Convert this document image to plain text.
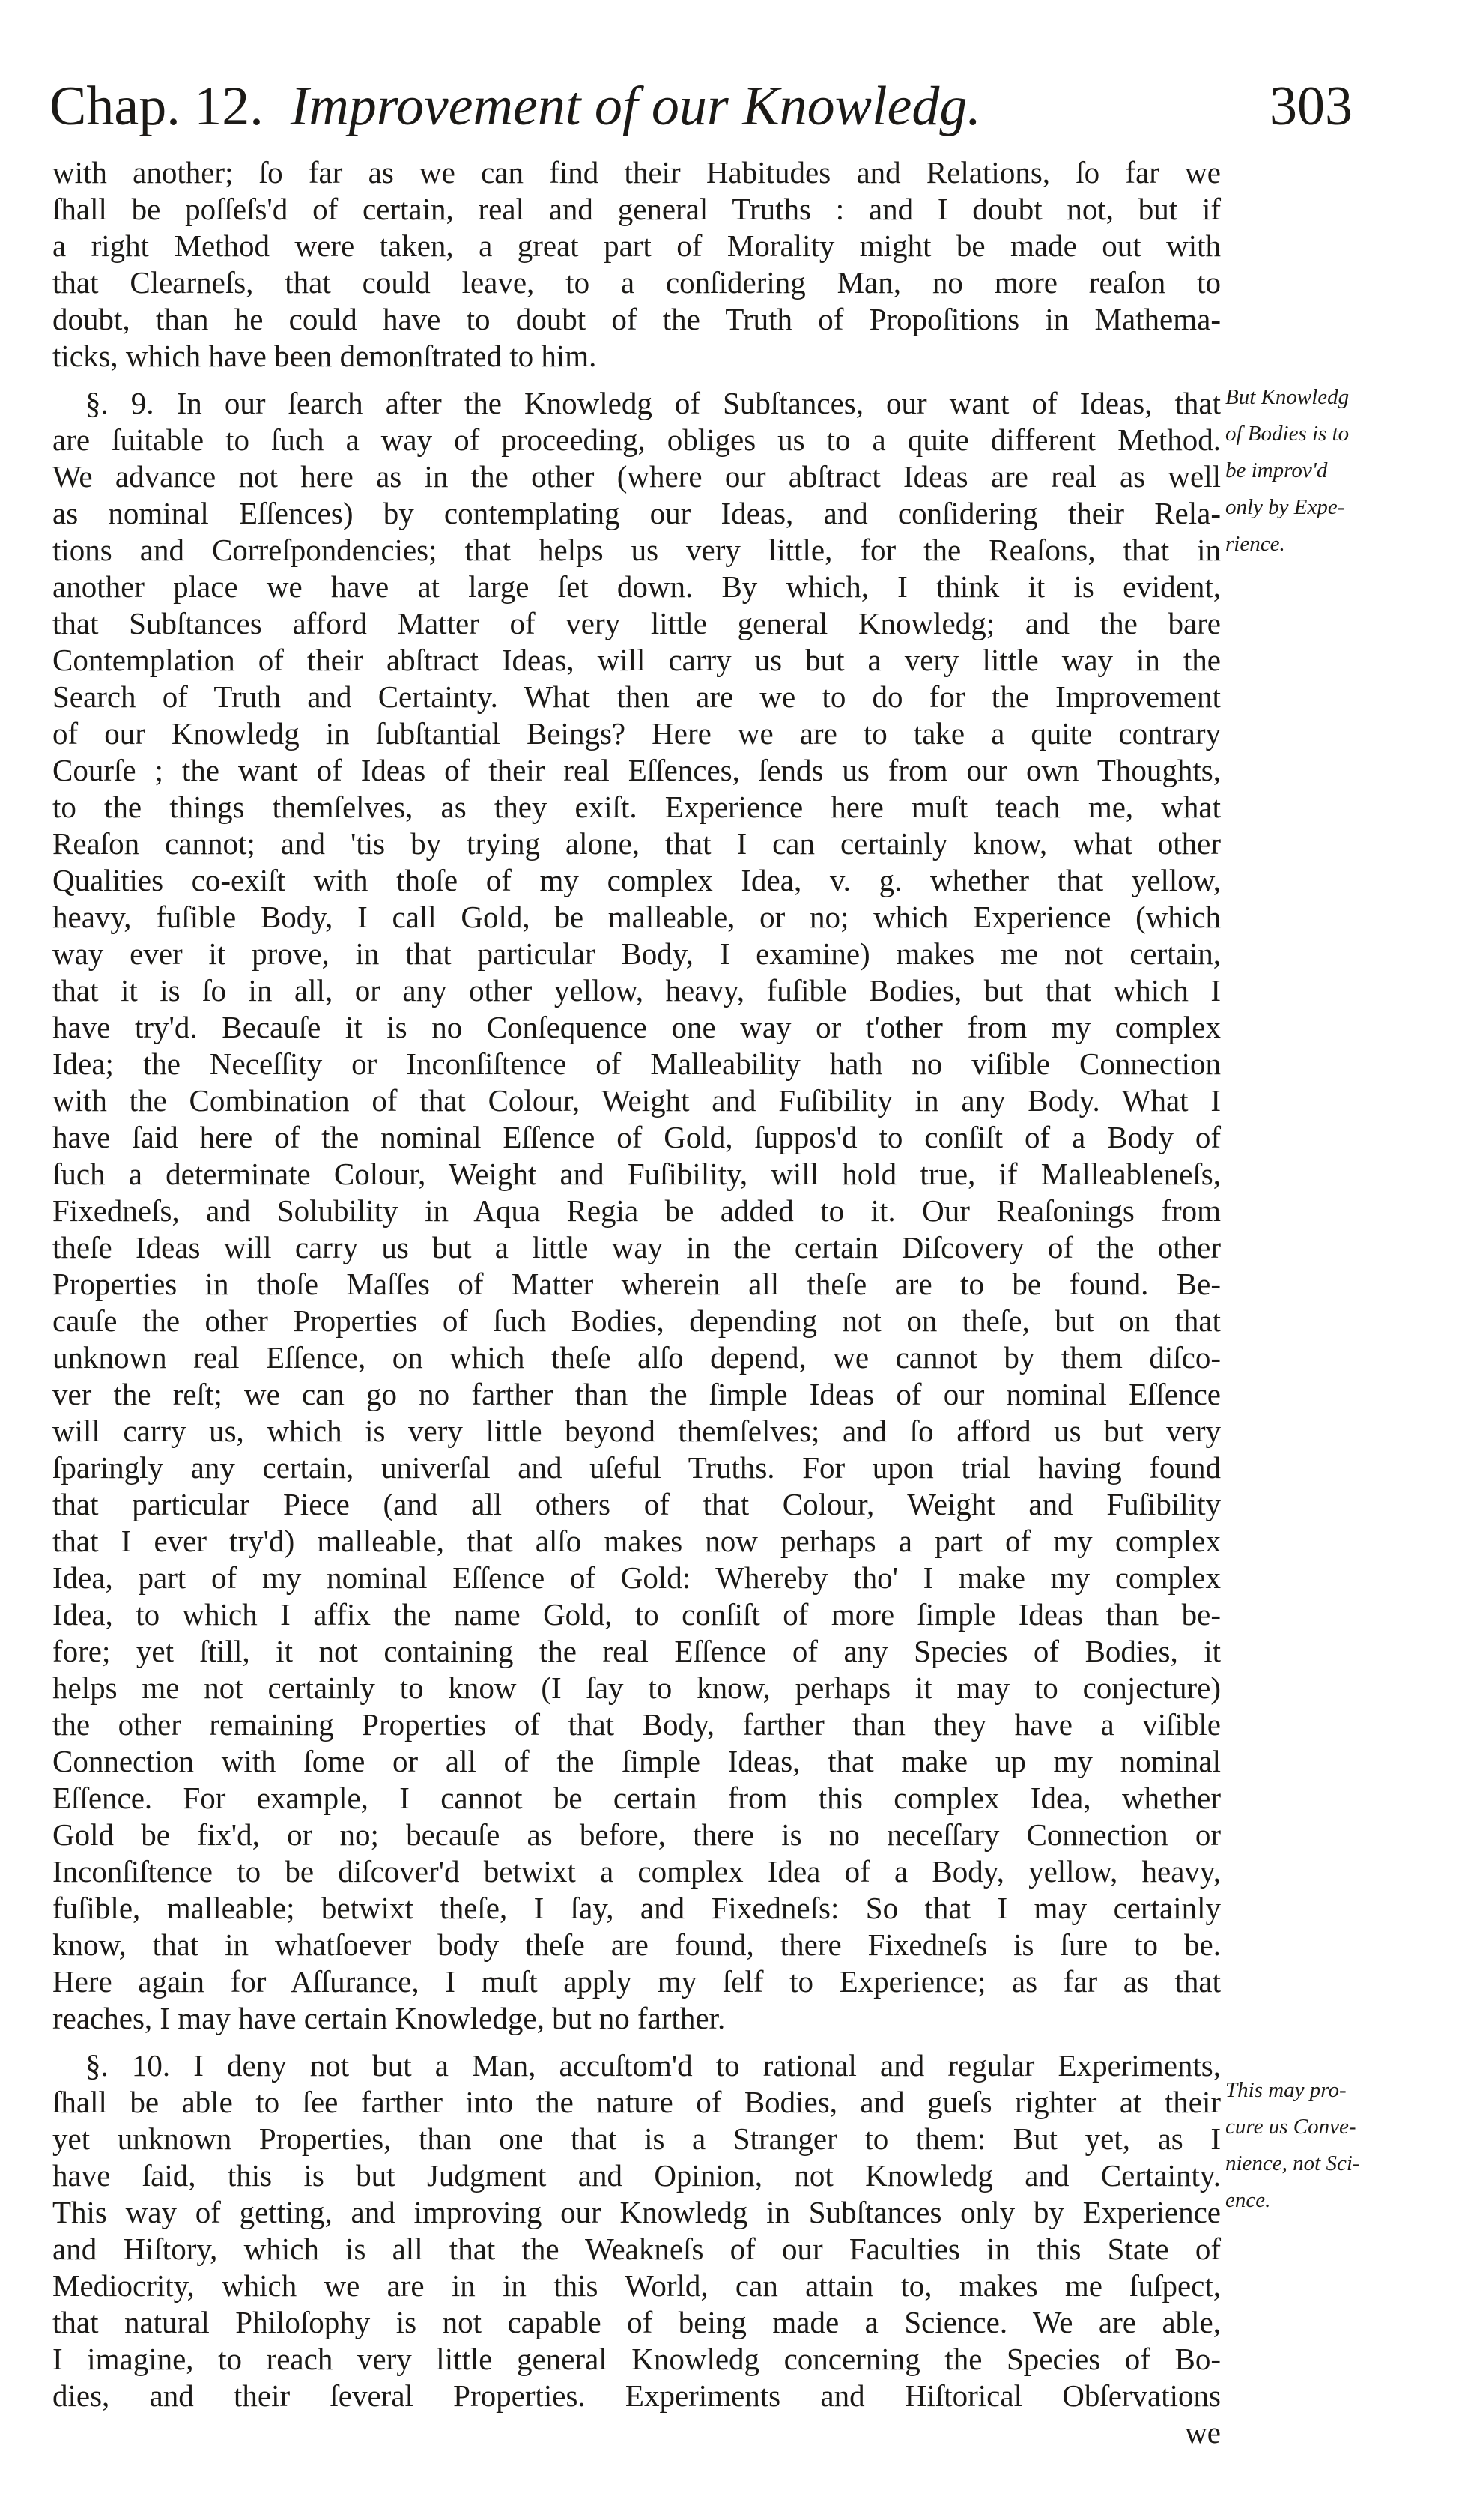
Chap. 12. Improvement of our Knowledg.	303
with another; ſo far as we can find their Habitudes and Relations, ſo far we
ſhall be poſſeſs'd of certain, real and general Truths : and I doubt not, but if
a right Method were taken, a great part of Morality might be made out with
that Clearneſs, that could leave, to a conſidering Man, no more reaſon to
doubt, than he could have to doubt of the Truth of Propoſitions in Mathema-
ticks, which have been demonſtrated to him.
§. 9. In our ſearch after the Knowledg of Subſtances, our want of Ideas, that
are ſuitable to ſuch a way of proceeding, obliges us to a quite different Method.
We advance not here as in the other (where our abſtract Ideas are real as well
as nominal Eſſences) by contemplating our Ideas, and conſidering their Rela-
tions and Correſpondencies; that helps us very little, for the Reaſons, that in
another place we have at large ſet down. By which, I think it is evident,
that Subſtances afford Matter of very little general Knowledg; and the bare
Contemplation of their abſtract Ideas, will carry us but a very little way in the
Search of Truth and Certainty. What then are we to do for the Improvement
of our Knowledg in ſubſtantial Beings? Here we are to take a quite contrary
Courſe ; the want of Ideas of their real Eſſences, ſends us from our own Thoughts,
to the things themſelves, as they exiſt. Experience here muſt teach me, what
Reaſon cannot; and 'tis by trying alone, that I can certainly know, what other
Qualities co-exiſt with thoſe of my complex Idea, v. g. whether that yellow,
heavy, fuſible Body, I call Gold, be malleable, or no; which Experience (which
way ever it prove, in that particular Body, I examine) makes me not certain,
that it is ſo in all, or any other yellow, heavy, fuſible Bodies, but that which I
have try'd. Becauſe it is no Conſequence one way or t'other from my complex
Idea; the Neceſſity or Inconſiſtence of Malleability hath no viſible Connection
with the Combination of that Colour, Weight and Fuſibility in any Body. What I
have ſaid here of the nominal Eſſence of Gold, ſuppos'd to conſiſt of a Body of
ſuch a determinate Colour, Weight and Fuſibility, will hold true, if Malleableneſs,
Fixedneſs, and Solubility in Aqua Regia be added to it. Our Reaſonings from
theſe Ideas will carry us but a little way in the certain Diſcovery of the other
Properties in thoſe Maſſes of Matter wherein all theſe are to be found. Be-
cauſe the other Properties of ſuch Bodies, depending not on theſe, but on that
unknown real Eſſence, on which theſe alſo depend, we cannot by them diſco-
ver the reſt; we can go no farther than the ſimple Ideas of our nominal Eſſence
will carry us, which is very little beyond themſelves; and ſo afford us but very
ſparingly any certain, univerſal and uſeful Truths. For upon trial having found
that particular Piece (and all others of that Colour, Weight and Fuſibility
that I ever try'd) malleable, that alſo makes now perhaps a part of my complex
Idea, part of my nominal Eſſence of Gold: Whereby tho' I make my complex
Idea, to which I affix the name Gold, to conſiſt of more ſimple Ideas than be-
fore; yet ſtill, it not containing the real Eſſence of any Species of Bodies, it
helps me not certainly to know (I ſay to know, perhaps it may to conjecture)
the other remaining Properties of that Body, farther than they have a viſible
Connection with ſome or all of the ſimple Ideas, that make up my nominal
Eſſence. For example, I cannot be certain from this complex Idea, whether
Gold be fix'd, or no; becauſe as before, there is no neceſſary Connection or
Inconſiſtence to be diſcover'd betwixt a complex Idea of a Body, yellow, heavy,
fuſible, malleable; betwixt theſe, I ſay, and Fixedneſs: So that I may certainly
know, that in whatſoever body theſe are found, there Fixedneſs is ſure to be.
Here again for Aſſurance, I muſt apply my ſelf to Experience; as far as that
reaches, I may have certain Knowledge, but no farther.
§. 10. I deny not but a Man, accuſtom'd to rational and regular Experiments,
ſhall be able to ſee farther into the nature of Bodies, and gueſs righter at their
yet unknown Properties, than one that is a Stranger to them: But yet, as I
have ſaid, this is but Judgment and Opinion, not Knowledg and Certainty.
This way of getting, and improving our Knowledg in Subſtances only by Experience
and Hiſtory, which is all that the Weakneſs of our Faculties in this State of
Mediocrity, which we are in in this World, can attain to, makes me ſuſpect,
that natural Philoſophy is not capable of being made a Science. We are able,
I imagine, to reach very little general Knowledg concerning the Species of Bo-
dies, and their ſeveral Properties. Experiments and Hiſtorical Obſervations
we
But Knowledg
of Bodies is to
be improv'd
only by Expe-
rience.
This may pro-
cure us Conve-
nience, not Sci-
ence.
